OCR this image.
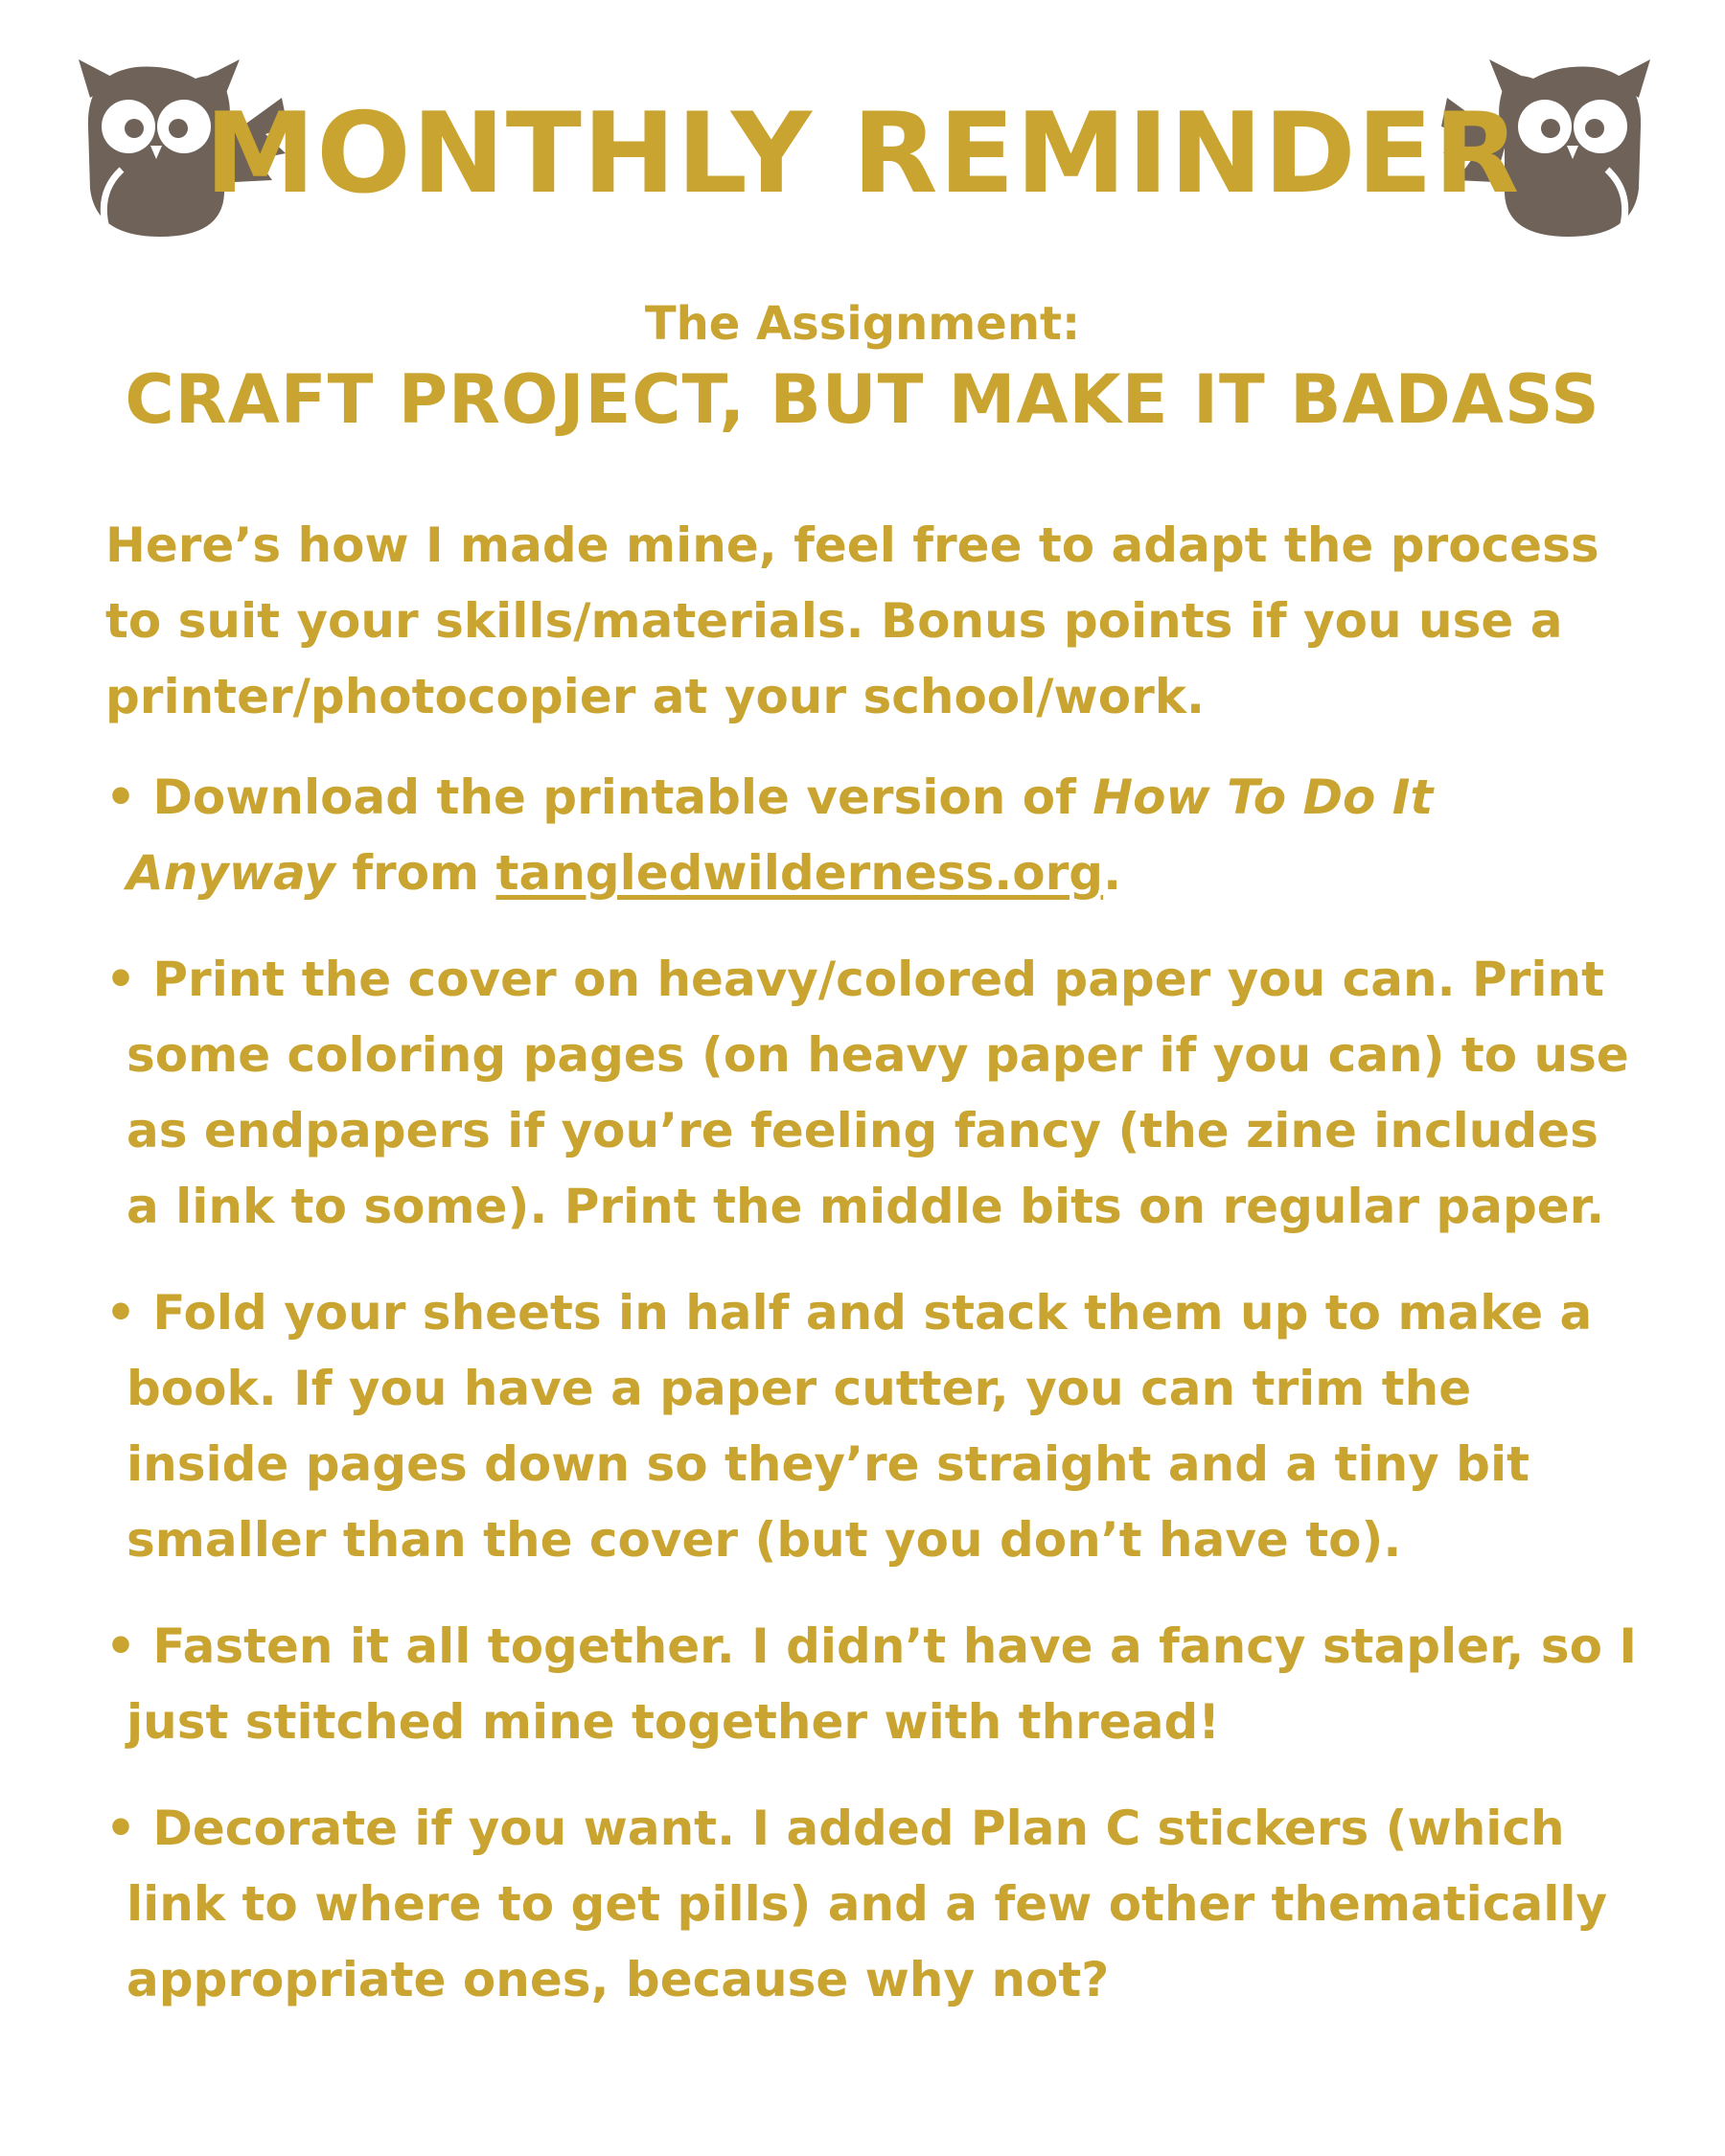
MONTHLY REMINDER
The Assignment:
CRAFT PROJECT, BUT MAKE IT BADASS

Here’s how I made mine, feel free to adapt the process to suit your skills/materials. Bonus points if you use a printer/photocopier at your school/work.

• Download the printable version of How To Do It Anyway from tangledwilderness.org.

• Print the cover on heavy/colored paper you can. Print some coloring pages (on heavy paper if you can) to use as endpapers if you’re feeling fancy (the zine includes a link to some). Print the middle bits on regular paper.

• Fold your sheets in half and stack them up to make a book. If you have a paper cutter, you can trim the inside pages down so they’re straight and a tiny bit smaller than the cover (but you don’t have to).

• Fasten it all together. I didn’t have a fancy stapler, so I just stitched mine together with thread!

• Decorate if you want. I added Plan C stickers (which link to where to get pills) and a few other thematically appropriate ones, because why not?
